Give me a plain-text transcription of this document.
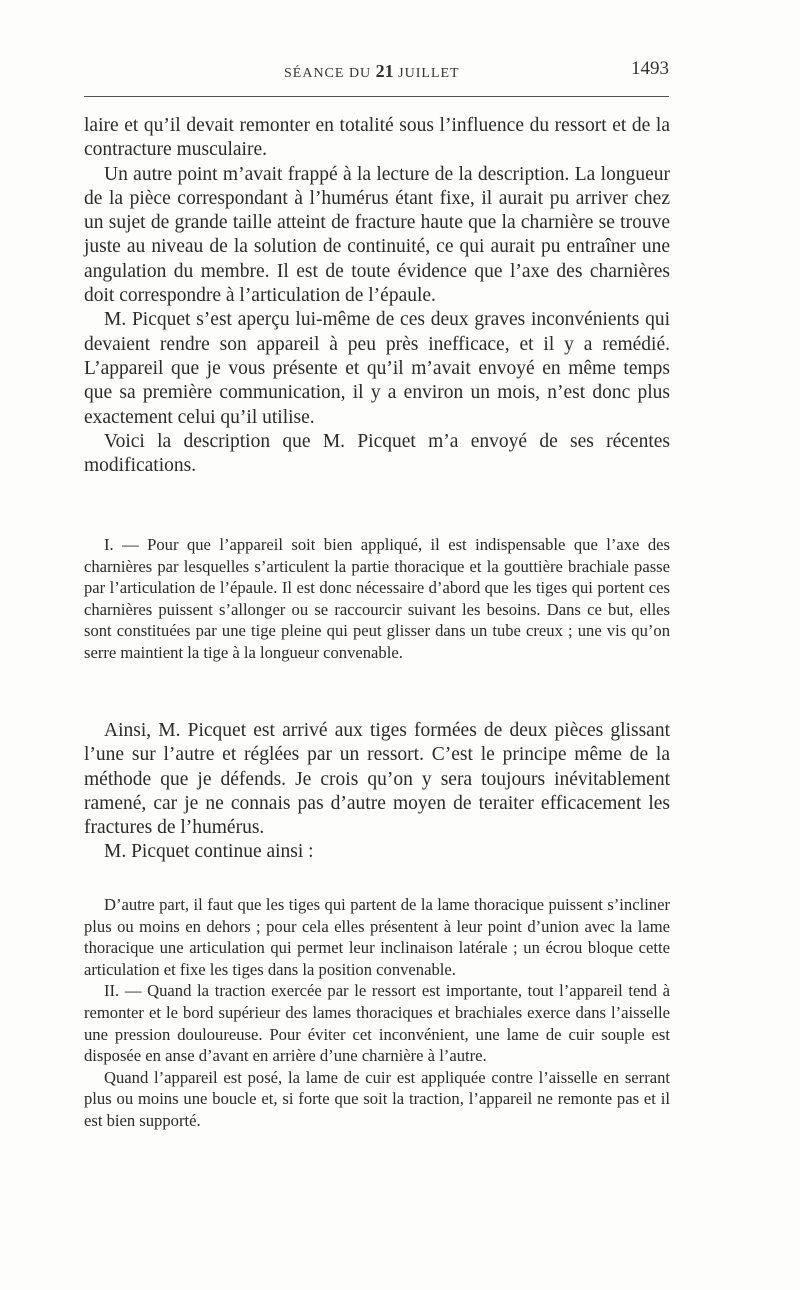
SÉANCE DU 21 JUILLET	1493

laire et qu’il devait remonter en totalité sous l’influence du ressort et de la contracture musculaire.

Un autre point m’avait frappé à la lecture de la description. La longueur de la pièce correspondant à l’humérus étant fixe, il aurait pu arriver chez un sujet de grande taille atteint de fracture haute que la charnière se trouve juste au niveau de la solution de continuité, ce qui aurait pu entraîner une angulation du membre. Il est de toute évidence que l’axe des charnières doit correspondre à l’articulation de l’épaule.

M. Picquet s’est aperçu lui-même de ces deux graves inconvénients qui devaient rendre son appareil à peu près inefficace, et il y a remédié. L’appareil que je vous présente et qu’il m’avait envoyé en même temps que sa première communication, il y a environ un mois, n’est donc plus exactement celui qu’il utilise.

Voici la description que M. Picquet m’a envoyé de ses récentes modifications.

I. — Pour que l’appareil soit bien appliqué, il est indispensable que l’axe des charnières par lesquelles s’articulent la partie thoracique et la gouttière brachiale passe par l’articulation de l’épaule. Il est donc nécessaire d’abord que les tiges qui portent ces charnières puissent s’allonger ou se raccourcir suivant les besoins. Dans ce but, elles sont constituées par une tige pleine qui peut glisser dans un tube creux ; une vis qu’on serre maintient la tige à la longueur convenable.

Ainsi, M. Picquet est arrivé aux tiges formées de deux pièces glissant l’une sur l’autre et réglées par un ressort. C’est le principe même de la méthode que je défends. Je crois qu’on y sera toujours inévitablement ramené, car je ne connais pas d’autre moyen de teraiter efficacement les fractures de l’humérus.

M. Picquet continue ainsi :

D’autre part, il faut que les tiges qui partent de la lame thoracique puissent s’incliner plus ou moins en dehors ; pour cela elles présentent à leur point d’union avec la lame thoracique une articulation qui permet leur inclinaison latérale ; un écrou bloque cette articulation et fixe les tiges dans la position convenable.

II. — Quand la traction exercée par le ressort est importante, tout l’appareil tend à remonter et le bord supérieur des lames thoraciques et brachiales exerce dans l’aisselle une pression douloureuse. Pour éviter cet inconvénient, une lame de cuir souple est disposée en anse d’avant en arrière d’une charnière à l’autre.

Quand l’appareil est posé, la lame de cuir est appliquée contre l’aisselle en serrant plus ou moins une boucle et, si forte que soit la traction, l’appareil ne remonte pas et il est bien supporté.
